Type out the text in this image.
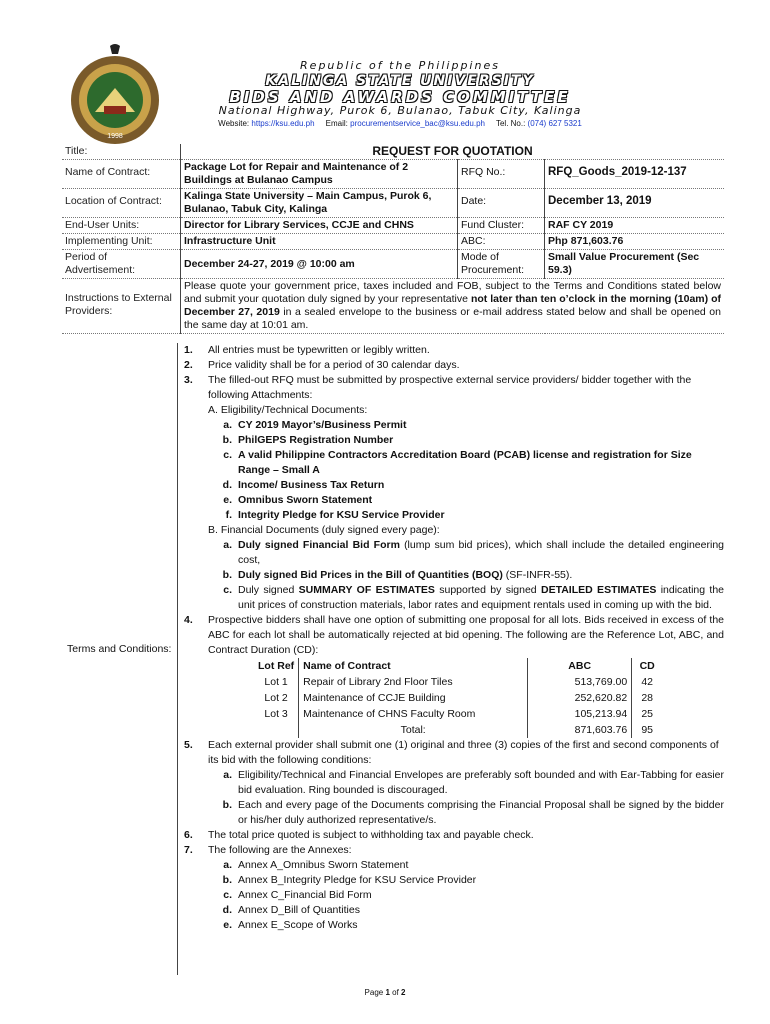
1998
Republic of the Philippines
KALINGA STATE UNIVERSITY
BIDS AND AWARDS COMMITTEE
National Highway, Purok 6, Bulanao, Tabuk City, Kalinga
Website: https://ksu.edu.ph Email: procurementservice_bac@ksu.edu.ph Tel. No.: (074) 627 5321
Title:	REQUEST FOR QUOTATION		
Name of Contract:	Package Lot for Repair and Maintenance of 2 Buildings at Bulanao Campus	RFQ No.:	RFQ_Goods_2019-12-137
Location of Contract:	Kalinga State University – Main Campus, Purok 6, Bulanao, Tabuk City, Kalinga	Date:	December 13, 2019
End-User Units:	Director for Library Services, CCJE and CHNS	Fund Cluster:	RAF CY 2019
Implementing Unit:	Infrastructure Unit	ABC:	Php 871,603.76
Period of Advertisement:	December 24-27, 2019 @ 10:00 am	Mode of Procurement:	Small Value Procurement (Sec 59.3)
Instructions to External Providers:	Please quote your government price, taxes included and FOB, subject to the Terms and Conditions stated below and submit your quotation duly signed by your representative not later than ten o’clock in the morning (10am) of December 27, 2019 in a sealed envelope to the business or e-mail address stated below and shall be opened on the same day at 10:01 am.		
Terms and Conditions:
1.	All entries must be typewritten or legibly written.
2.	Price validity shall be for a period of 30 calendar days.
3.	The filled-out RFQ must be submitted by prospective external service providers/ bidder together with the following Attachments:
A. Eligibility/Technical Documents:
a. CY 2019 Mayor’s/Business Permit
b. PhilGEPS Registration Number
c. A valid Philippine Contractors Accreditation Board (PCAB) license and registration for Size Range – Small A
d. Income/ Business Tax Return
e. Omnibus Sworn Statement
f. Integrity Pledge for KSU Service Provider
B. Financial Documents (duly signed every page):
a. Duly signed Financial Bid Form (lump sum bid prices), which shall include the detailed engineering cost,
b. Duly signed Bid Prices in the Bill of Quantities (BOQ) (SF-INFR-55).
c. Duly signed SUMMARY OF ESTIMATES supported by signed DETAILED ESTIMATES indicating the unit prices of construction materials, labor rates and equipment rentals used in coming up with the bid.
4.	Prospective bidders shall have one option of submitting one proposal for all lots. Bids received in excess of the ABC for each lot shall be automatically rejected at bid opening. The following are the Reference Lot, ABC, and Contract Duration (CD):
Lot Ref	Name of Contract	ABC	CD
Lot 1	Repair of Library 2nd Floor Tiles	513,769.00	42
Lot 2	Maintenance of CCJE Building	252,620.82	28
Lot 3	Maintenance of CHNS Faculty Room	105,213.94	25
	Total:	871,603.76	95
5.	Each external provider shall submit one (1) original and three (3) copies of the first and second components of its bid with the following conditions:
a. Eligibility/Technical and Financial Envelopes are preferably soft bounded and with Ear-Tabbing for easier bid evaluation. Ring bounded is discouraged.
b. Each and every page of the Documents comprising the Financial Proposal shall be signed by the bidder or his/her duly authorized representative/s.
6.	The total price quoted is subject to withholding tax and payable check.
7.	The following are the Annexes:
a. Annex A_Omnibus Sworn Statement
b. Annex B_Integrity Pledge for KSU Service Provider
c. Annex C_Financial Bid Form
d. Annex D_Bill of Quantities
e. Annex E_Scope of Works
Page 1 of 2
